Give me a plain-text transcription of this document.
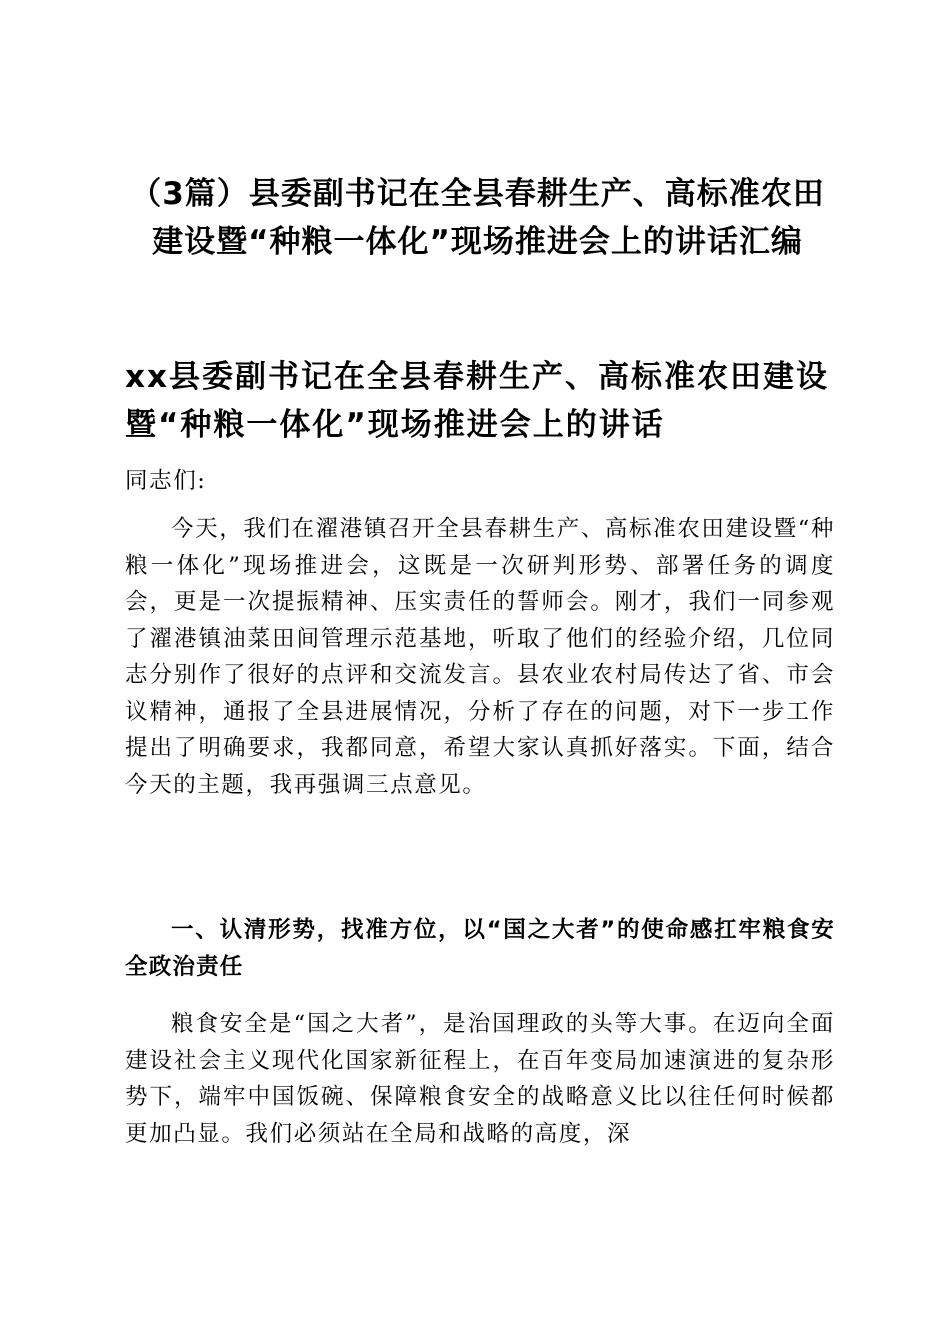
（3篇）县委副书记在全县春耕生产、高标准农田建设暨“种粮一体化”现场推进会上的讲话汇编
xx县委副书记在全县春耕生产、高标准农田建设暨“种粮一体化”现场推进会上的讲话
同志们:

今天，我们在濯港镇召开全县春耕生产、高标准农田建设暨“种粮一体化”现场推进会，这既是一次研判形势、部署任务的调度会，更是一次提振精神、压实责任的誓师会。刚才，我们一同参观了濯港镇油菜田间管理示范基地，听取了他们的经验介绍，几位同志分别作了很好的点评和交流发言。县农业农村局传达了省、市会议精神，通报了全县进展情况，分析了存在的问题，对下一步工作提出了明确要求，我都同意，希望大家认真抓好落实。下面，结合今天的主题，我再强调三点意见。

一、认清形势，找准方位，以“国之大者”的使命感扛牢粮食安全政治责任

粮食安全是“国之大者”，是治国理政的头等大事。在迈向全面建设社会主义现代化国家新征程上，在百年变局加速演进的复杂形势下，端牢中国饭碗、保障粮食安全的战略意义比以往任何时候都更加凸显。我们必须站在全局和战略的高度，深
